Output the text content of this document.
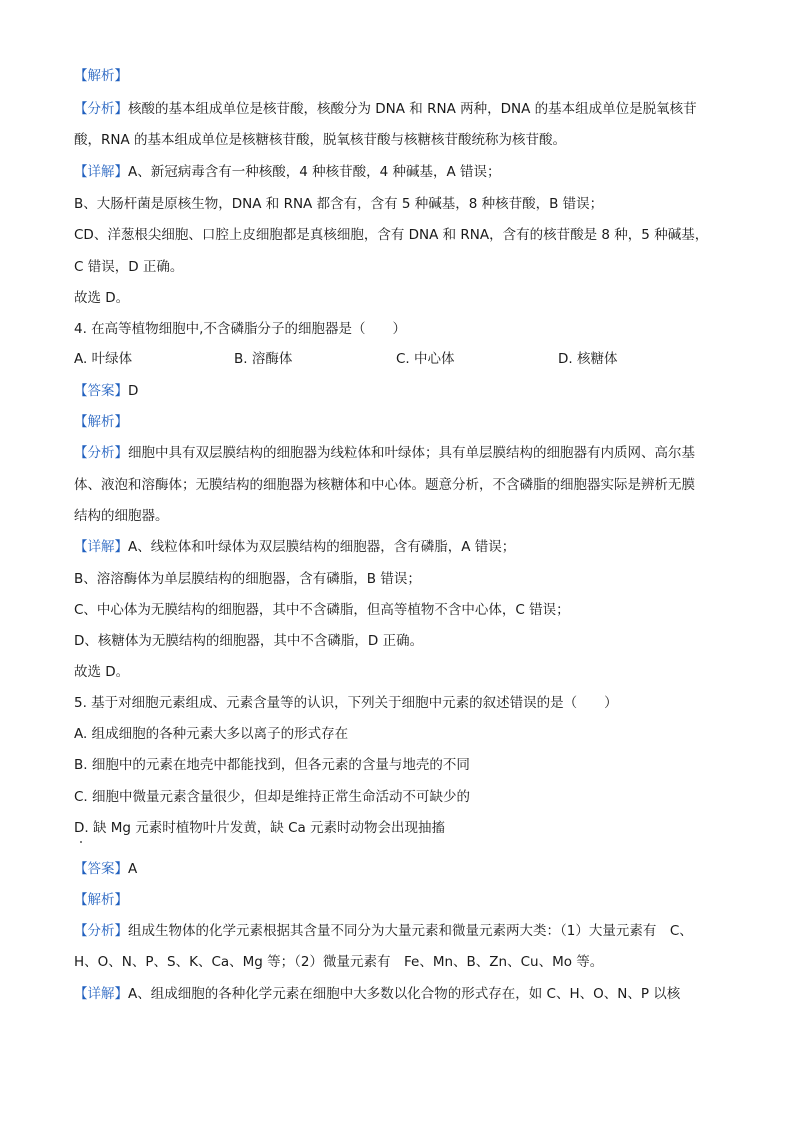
【解析】
【分析】核酸的基本组成单位是核苷酸，核酸分为 DNA 和 RNA 两种，DNA 的基本组成单位是脱氧核苷
酸，RNA 的基本组成单位是核糖核苷酸，脱氧核苷酸与核糖核苷酸统称为核苷酸。
【详解】A、新冠病毒含有一种核酸，4 种核苷酸，4 种碱基，A 错误；
B、大肠杆菌是原核生物，DNA 和 RNA 都含有，含有 5 种碱基，8 种核苷酸，B 错误；
CD、洋葱根尖细胞、口腔上皮细胞都是真核细胞，含有 DNA 和 RNA，含有的核苷酸是 8 种，5 种碱基，
C 错误，D 正确。
故选 D。
4. 在高等植物细胞中,不含磷脂分子的细胞器是（　　）
A. 叶绿体	B. 溶酶体	C. 中心体	D. 核糖体
【答案】D
【解析】
【分析】细胞中具有双层膜结构的细胞器为线粒体和叶绿体；具有单层膜结构的细胞器有内质网、高尔基
体、液泡和溶酶体；无膜结构的细胞器为核糖体和中心体。题意分析，不含磷脂的细胞器实际是辨析无膜
结构的细胞器。
【详解】A、线粒体和叶绿体为双层膜结构的细胞器，含有磷脂，A 错误；
B、溶溶酶体为单层膜结构的细胞器，含有磷脂，B 错误；
C、中心体为无膜结构的细胞器，其中不含磷脂，但高等植物不含中心体，C 错误；
D、核糖体为无膜结构的细胞器，其中不含磷脂，D 正确。
故选 D。
5. 基于对细胞元素组成、元素含量等的认识，下列关于细胞中元素的叙述错误的是（　　）
A. 组成细胞的各种元素大多以离子的形式存在
B. 细胞中的元素在地壳中都能找到，但各元素的含量与地壳的不同
C. 细胞中微量元素含量很少，但却是维持正常生命活动不可缺少的
D. 缺 Mg 元素时植物叶片发黄，缺 Ca 元素时动物会出现抽搐
【答案】A
【解析】
【分析】组成生物体的化学元素根据其含量不同分为大量元素和微量元素两大类：（1）大量元素有　C、
H、O、N、P、S、K、Ca、Mg 等；（2）微量元素有　Fe、Mn、B、Zn、Cu、Mo 等。
【详解】A、组成细胞的各种化学元素在细胞中大多数以化合物的形式存在，如 C、H、O、N、P 以核
